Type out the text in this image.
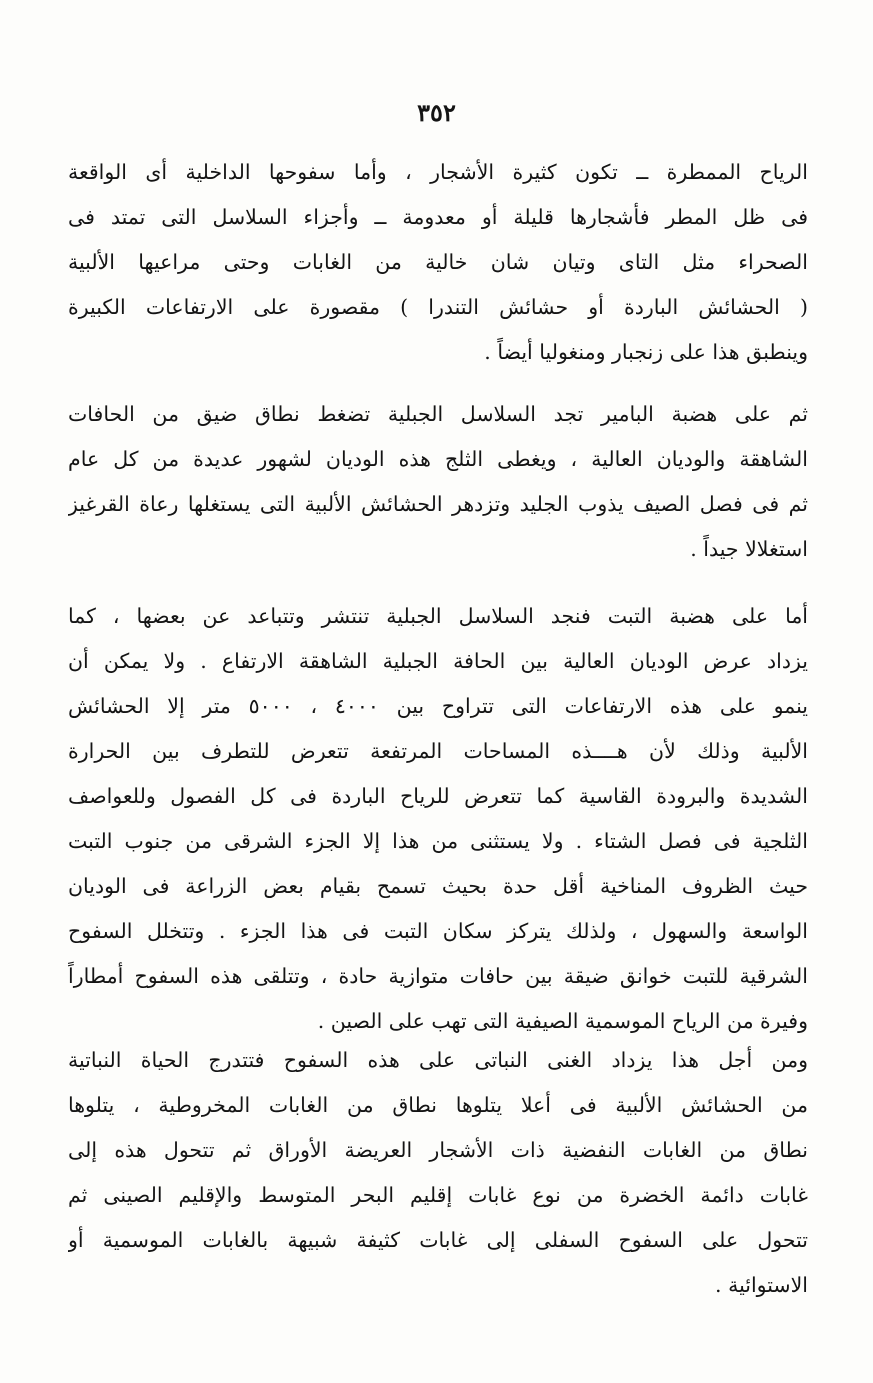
٣٥٢
الرياح الممطرة ــ تكون كثيرة الأشجار ، وأما سفوحها الداخلية أى الواقعة
فى ظل المطر فأشجارها قليلة أو معدومة ــ وأجزاء السلاسل التى تمتد فى
الصحراء مثل التاى وتيان شان خالية من الغابات وحتى مراعيها الألبية
( الحشائش الباردة أو حشائش التندرا ) مقصورة على الارتفاعات الكبيرة
وينطبق هذا على زنجبار ومنغوليا أيضاً .
ثم على هضبة البامير تجد السلاسل الجبلية تضغط نطاق ضيق من الحافات
الشاهقة والوديان العالية ، ويغطى الثلج هذه الوديان لشهور عديدة من كل عام
ثم فى فصل الصيف يذوب الجليد وتزدهر الحشائش الألبية التى يستغلها رعاة القرغيز
استغلالا جيداً .
أما على هضبة التبت فنجد السلاسل الجبلية تنتشر وتتباعد عن بعضها ، كما
يزداد عرض الوديان العالية بين الحافة الجبلية الشاهقة الارتفاع . ولا يمكن أن
ينمو على هذه الارتفاعات التى تتراوح بين ٤٠٠٠ ، ٥٠٠٠ متر إلا الحشائش
الألبية وذلك لأن هــــذه المساحات المرتفعة تتعرض للتطرف بين الحرارة
الشديدة والبرودة القاسية كما تتعرض للرياح الباردة فى كل الفصول وللعواصف
الثلجية فى فصل الشتاء . ولا يستثنى من هذا إلا الجزء الشرقى من جنوب التبت
حيث الظروف المناخية أقل حدة بحيث تسمح بقيام بعض الزراعة فى الوديان
الواسعة والسهول ، ولذلك يتركز سكان التبت فى هذا الجزء . وتتخلل السفوح
الشرقية للتبت خوانق ضيقة بين حافات متوازية حادة ، وتتلقى هذه السفوح أمطاراً
وفيرة من الرياح الموسمية الصيفية التى تهب على الصين .
ومن أجل هذا يزداد الغنى النباتى على هذه السفوح فتتدرج الحياة النباتية
من الحشائش الألبية فى أعلا يتلوها نطاق من الغابات المخروطية ، يتلوها
نطاق من الغابات النفضية ذات الأشجار العريضة الأوراق ثم تتحول هذه إلى
غابات دائمة الخضرة من نوع غابات إقليم البحر المتوسط والإقليم الصينى ثم
تتحول على السفوح السفلى إلى غابات كثيفة شبيهة بالغابات الموسمية أو
الاستوائية .
